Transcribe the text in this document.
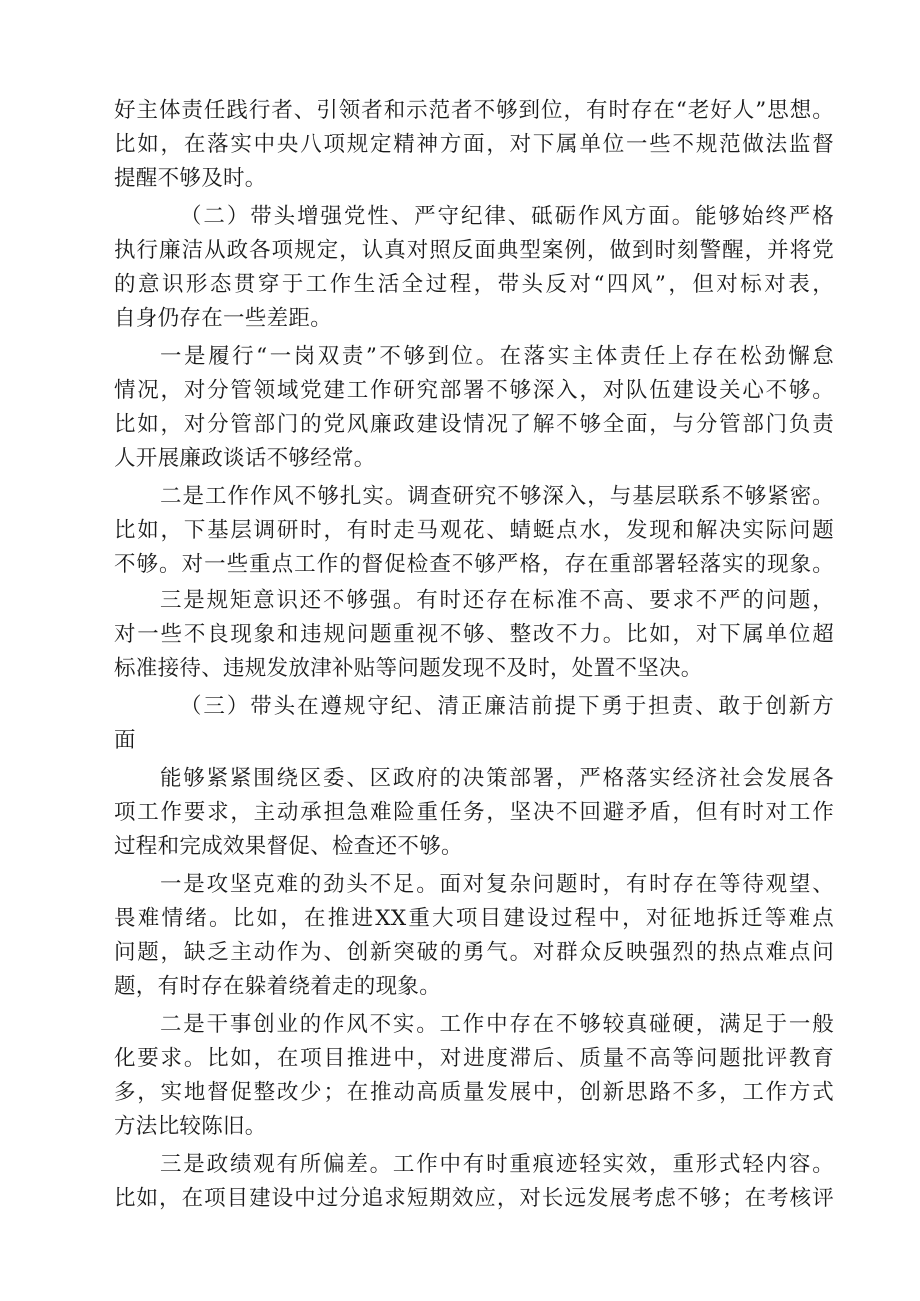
好主体责任践行者、引领者和示范者不够到位，有时存在“老好人”思想。
比如，在落实中央八项规定精神方面，对下属单位一些不规范做法监督
提醒不够及时。
（二）带头增强党性、严守纪律、砥砺作风方面。能够始终严格
执行廉洁从政各项规定，认真对照反面典型案例，做到时刻警醒，并将党
的意识形态贯穿于工作生活全过程，带头反对“四风”，但对标对表，
自身仍存在一些差距。
一是履行“一岗双责”不够到位。在落实主体责任上存在松劲懈怠
情况，对分管领域党建工作研究部署不够深入，对队伍建设关心不够。
比如，对分管部门的党风廉政建设情况了解不够全面，与分管部门负责
人开展廉政谈话不够经常。
二是工作作风不够扎实。调查研究不够深入，与基层联系不够紧密。
比如，下基层调研时，有时走马观花、蜻蜓点水，发现和解决实际问题
不够。对一些重点工作的督促检查不够严格，存在重部署轻落实的现象。
三是规矩意识还不够强。有时还存在标准不高、要求不严的问题，
对一些不良现象和违规问题重视不够、整改不力。比如，对下属单位超
标准接待、违规发放津补贴等问题发现不及时，处置不坚决。
（三）带头在遵规守纪、清正廉洁前提下勇于担责、敢于创新方
面
能够紧紧围绕区委、区政府的决策部署，严格落实经济社会发展各
项工作要求，主动承担急难险重任务，坚决不回避矛盾，但有时对工作
过程和完成效果督促、检查还不够。
一是攻坚克难的劲头不足。面对复杂问题时，有时存在等待观望、
畏难情绪。比如，在推进XX重大项目建设过程中，对征地拆迁等难点
问题，缺乏主动作为、创新突破的勇气。对群众反映强烈的热点难点问
题，有时存在躲着绕着走的现象。
二是干事创业的作风不实。工作中存在不够较真碰硬，满足于一般
化要求。比如，在项目推进中，对进度滞后、质量不高等问题批评教育
多，实地督促整改少；在推动高质量发展中，创新思路不多，工作方式
方法比较陈旧。
三是政绩观有所偏差。工作中有时重痕迹轻实效，重形式轻内容。
比如，在项目建设中过分追求短期效应，对长远发展考虑不够；在考核评
